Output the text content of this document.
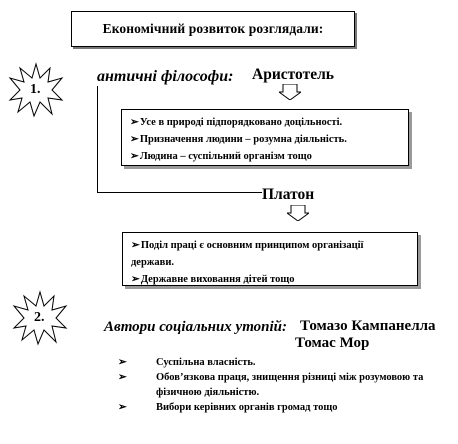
Економічний розвиток розглядали:
1.
античні філософи: Аристотель
➢ Усе в природі підпорядковано доцільності.
➢ Призначення людини – розумна діяльність.
➢ Людина – суспільний організм тощо
Платон
➢ Поділ праці є основним принципом організації держави.
➢ Державне виховання дітей тощо
2.
Автори соціальних утопій: Томазо Кампанелла
Томас Мор
➢	Суспільна власність.
➢	Обов’язкова праця, знищення різниці між розумовою та фізичною діяльністю.
➢	Вибори керівних органів громад тощо
